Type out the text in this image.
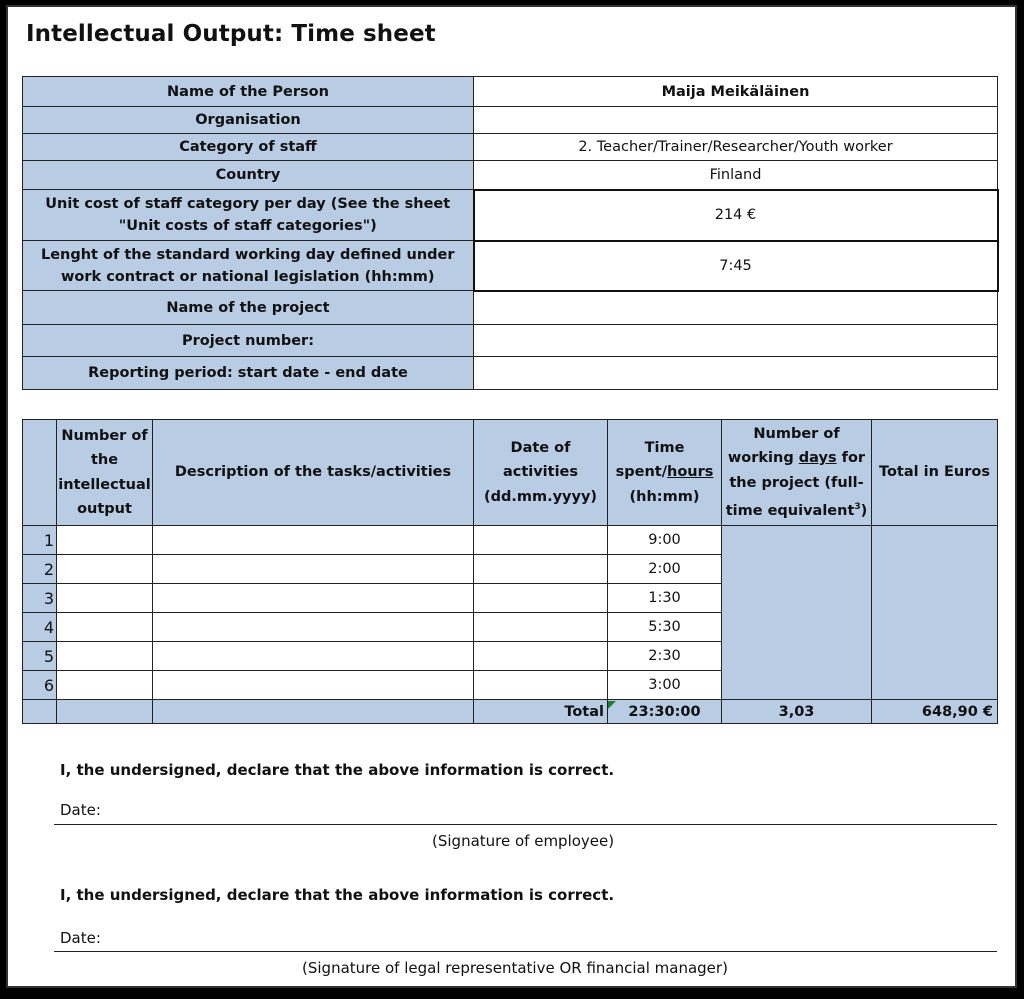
Intellectual Output: Time sheet
Name of the Person	Maija Meikäläinen
Organisation	
Category of staff	2. Teacher/Trainer/Researcher/Youth worker
Country	Finland
Unit cost of staff category per day (See the sheet "Unit costs of staff categories")	214 €
Lenght of the standard working day defined under work contract or national legislation (hh:mm)	7:45
Name of the project	
Project number:	
Reporting period: start date - end date	
	Number of the intellectual output	Description of the tasks/activities	Date of activities (dd.mm.yyyy)	Time spent/hours (hh:mm)	Number of working days for the project (full-time equivalent$^3$)	Total in Euros
1				9:00		
2				2:00		
3				1:30		
4				5:30		
5				2:30		
6				3:00		
			Total	23:30:00	3,03	648,90 €
I, the undersigned, declare that the above information is correct.
Date:
(Signature of employee)
I, the undersigned, declare that the above information is correct.
Date:
(Signature of legal representative OR financial manager)
